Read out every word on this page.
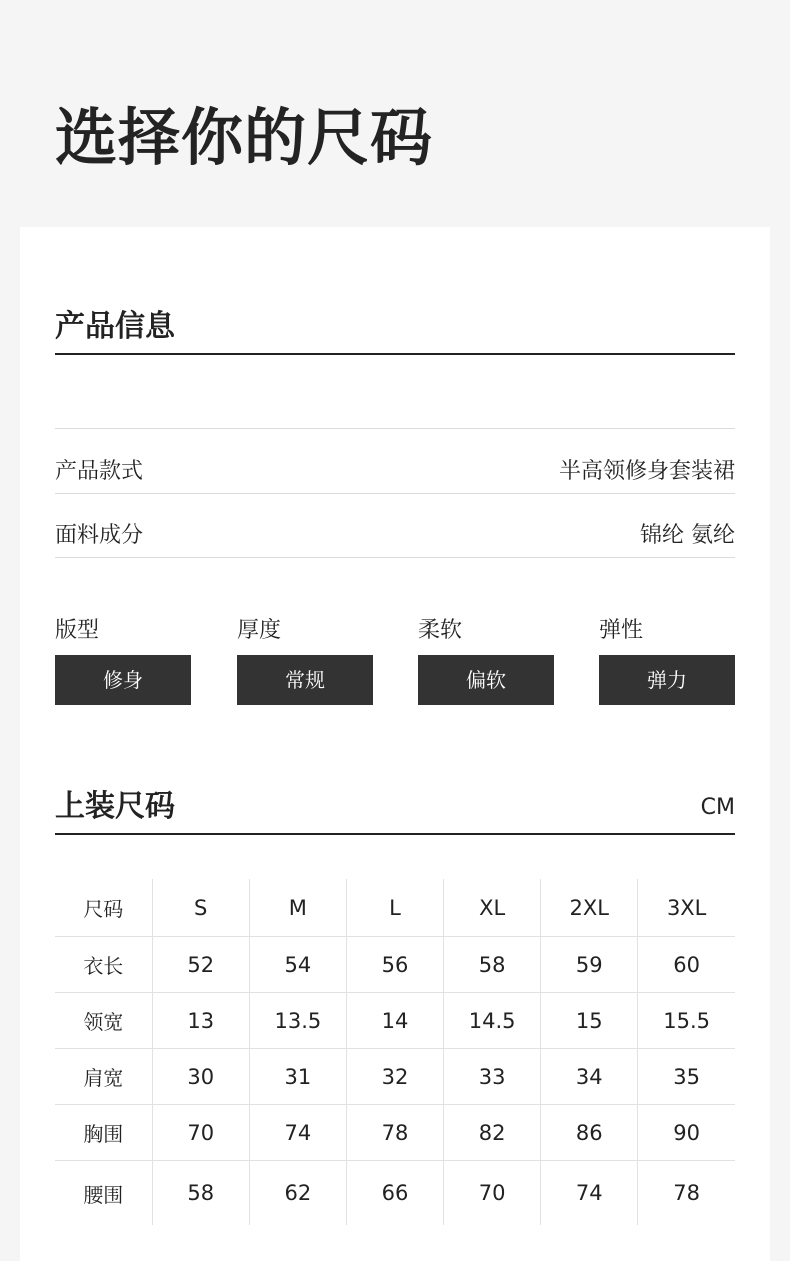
选择你的尺码
产品信息
产品款式	半高领修身套装裙
面料成分	锦纶 氨纶
版型
修身
厚度
常规
柔软
偏软
弹性
弹力
上装尺码	CM
尺码	S	M	L	XL	2XL	3XL
衣长	52	54	56	58	59	60
领宽	13	13.5	14	14.5	15	15.5
肩宽	30	31	32	33	34	35
胸围	70	74	78	82	86	90
腰围	58	62	66	70	74	78
